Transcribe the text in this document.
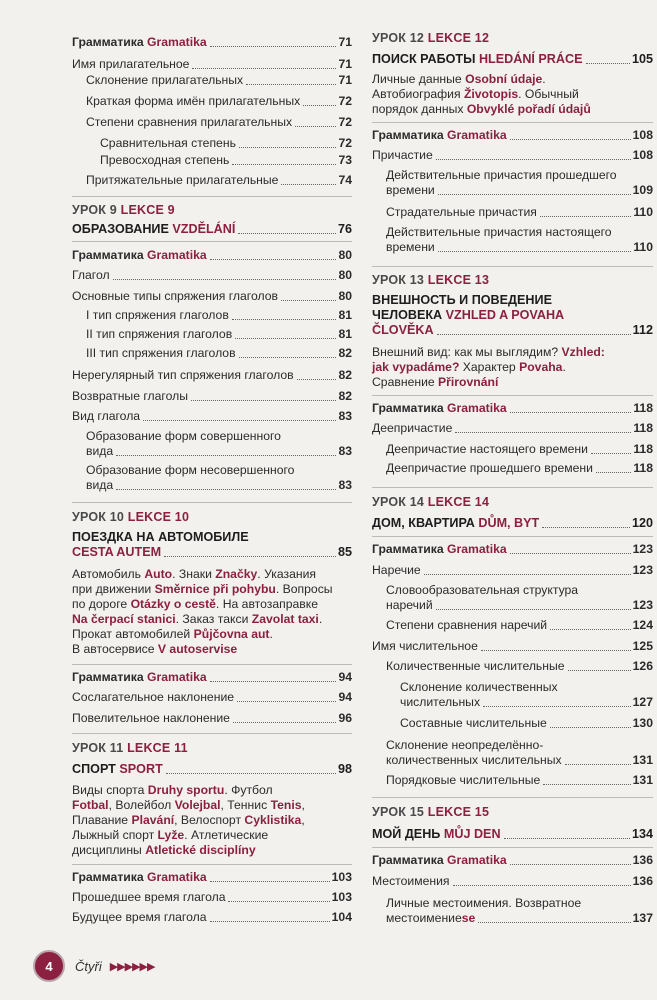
Грамматика Gramatika	71
Имя прилагательное	71
Склонение прилагательных	71
Краткая форма имён прилагательных	72
Степени сравнения прилагательных	72
Сравнительная степень	72
Превосходная степень	73
Притяжательные прилагательные	74
УРОК 9 LEKCE 9
ОБРАЗОВАНИЕ VZDĚLÁNÍ	76
Грамматика Gramatika	80
Глагол	80
Основные типы спряжения глаголов	80
I тип спряжения глаголов	81
II тип спряжения глаголов	81
III тип спряжения глаголов	82
Нерегулярный тип спряжения глаголов	82
Возвратные глаголы	82
Вид глагола	83
Образование форм совершенного
вида	83
Образование форм несовершенного
вида	83
УРОК 10 LEKCE 10
ПОЕЗДКА НА АВТОМОБИЛЕ
CESTA AUTEM	85
Автомобиль Auto. Знаки Značky. Указания
при движении Směrnice při pohybu. Вопросы
по дороге Otázky o cestě. На автозаправке
Na čerpací stanici. Заказ такси Zavolat taxi.
Прокат автомобилей Půjčovna aut.
В автосервисе V autoservise
Грамматика Gramatika	94
Сослагательное наклонение	94
Повелительное наклонение	96
УРОК 11 LEKCE 11
СПОРТ SPORT	98
Виды спорта Druhy sportu. Футбол
Fotbal, Волейбол Volejbal, Теннис Tenis,
Плавание Plavání, Велоспорт Cyklistika,
Лыжный спорт Lyže. Атлетические
дисциплины Atletické disciplíny
Грамматика Gramatika	103
Прошедшее время глагола	103
Будущее время глагола	104
УРОК 12 LEKCE 12
ПОИСК РАБОТЫ HLEDÁNÍ PRÁCE	105
Личные данные Osobní údaje.
Автобиография Životopis. Обычный
порядок данных Obvyklé pořadí údajů
Грамматика Gramatika	108
Причастие	108
Действительные причастия прошедшего
времени	109
Страдательные причастия	110
Действительные причастия настоящего
времени	110
УРОК 13 LEKCE 13
ВНЕШНОСТЬ И ПОВЕДЕНИЕ
ЧЕЛОВЕКА VZHLED A POVAHA
ČLOVĚKA	112
Внешний вид: как мы выглядим? Vzhled:
jak vypadáme? Характер Povaha.
Сравнение Přirovnání
Грамматика Gramatika	118
Деепричастие	118
Деепричастие настоящего времени	118
Деепричастие прошедшего времени	118
УРОК 14 LEKCE 14
ДОМ, КВАРТИРА DŮM, BYT	120
Грамматика Gramatika	123
Наречие	123
Словообразовательная структура
наречий	123
Степени сравнения наречий	124
Имя числительное	125
Количественные числительные	126
Склонение количественных
числительных	127
Составные числительные	130
Склонение неопределённо-
количественных числительных	131
Порядковые числительные	131
УРОК 15 LEKCE 15
МОЙ ДЕНЬ MŮJ DEN	134
Грамматика Gramatika	136
Местоимения	136
Личные местоимения. Возвратное
местоимение se	137
4	Čtyři ▶▶▶▶▶▶
